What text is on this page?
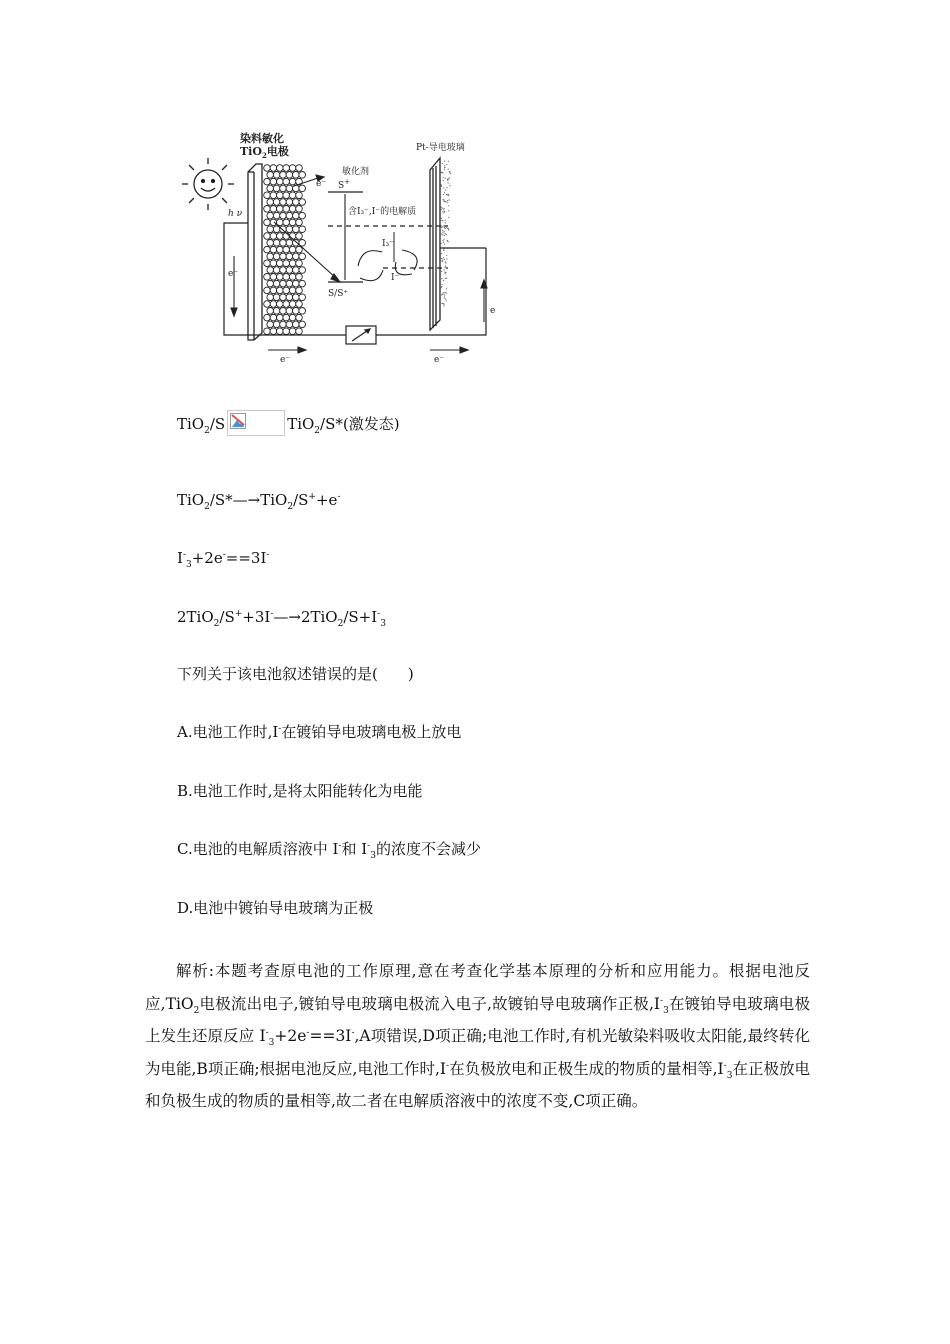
染料敏化
TiO$_2$电极	Pt-导电玻璃
敏化剂
S+
e⁻
含I₃⁻,I⁻的电解质
h ν
I₃⁻
I⁻
S/S⁺
e⁻
e⁻	e⁻
e
TiO$_2$/S	TiO$_2$/S*(激发态)
TiO$_2$/S*—→TiO$_2$/S++e-
$I^-_3+2e^-==3I^-$
$2TiO_2/S^++3I^-—\to 2TiO_2/S+I^-_3$
下列关于该电池叙述错误的是(　　)
A.电池工作时,I-在镀铂导电玻璃电极上放电
B.电池工作时,是将太阳能转化为电能
C.电池的电解质溶液中 I-和 $I^-_3$的浓度不会减少
D.电池中镀铂导电玻璃为正极
解析:本题考查原电池的工作原理,意在考查化学基本原理的分析和应用能力。根据电池反应,TiO$_2$电极流出电子,镀铂导电玻璃电极流入电子,故镀铂导电玻璃作正极$,I^-_3$在镀铂导电玻璃电极上发生还原反应 $I^-_3+2e^-==3I^-,A$项错误,D项正确;电池工作时,有机光敏染料吸收太阳能,最终转化为电能,B项正确;根据电池反应,电池工作时,I-在负极放电和正极生成的物质的量相等$,I^-_3$在正极放电和负极生成的物质的量相等,故二者在电解质溶液中的浓度不变,C项正确。
